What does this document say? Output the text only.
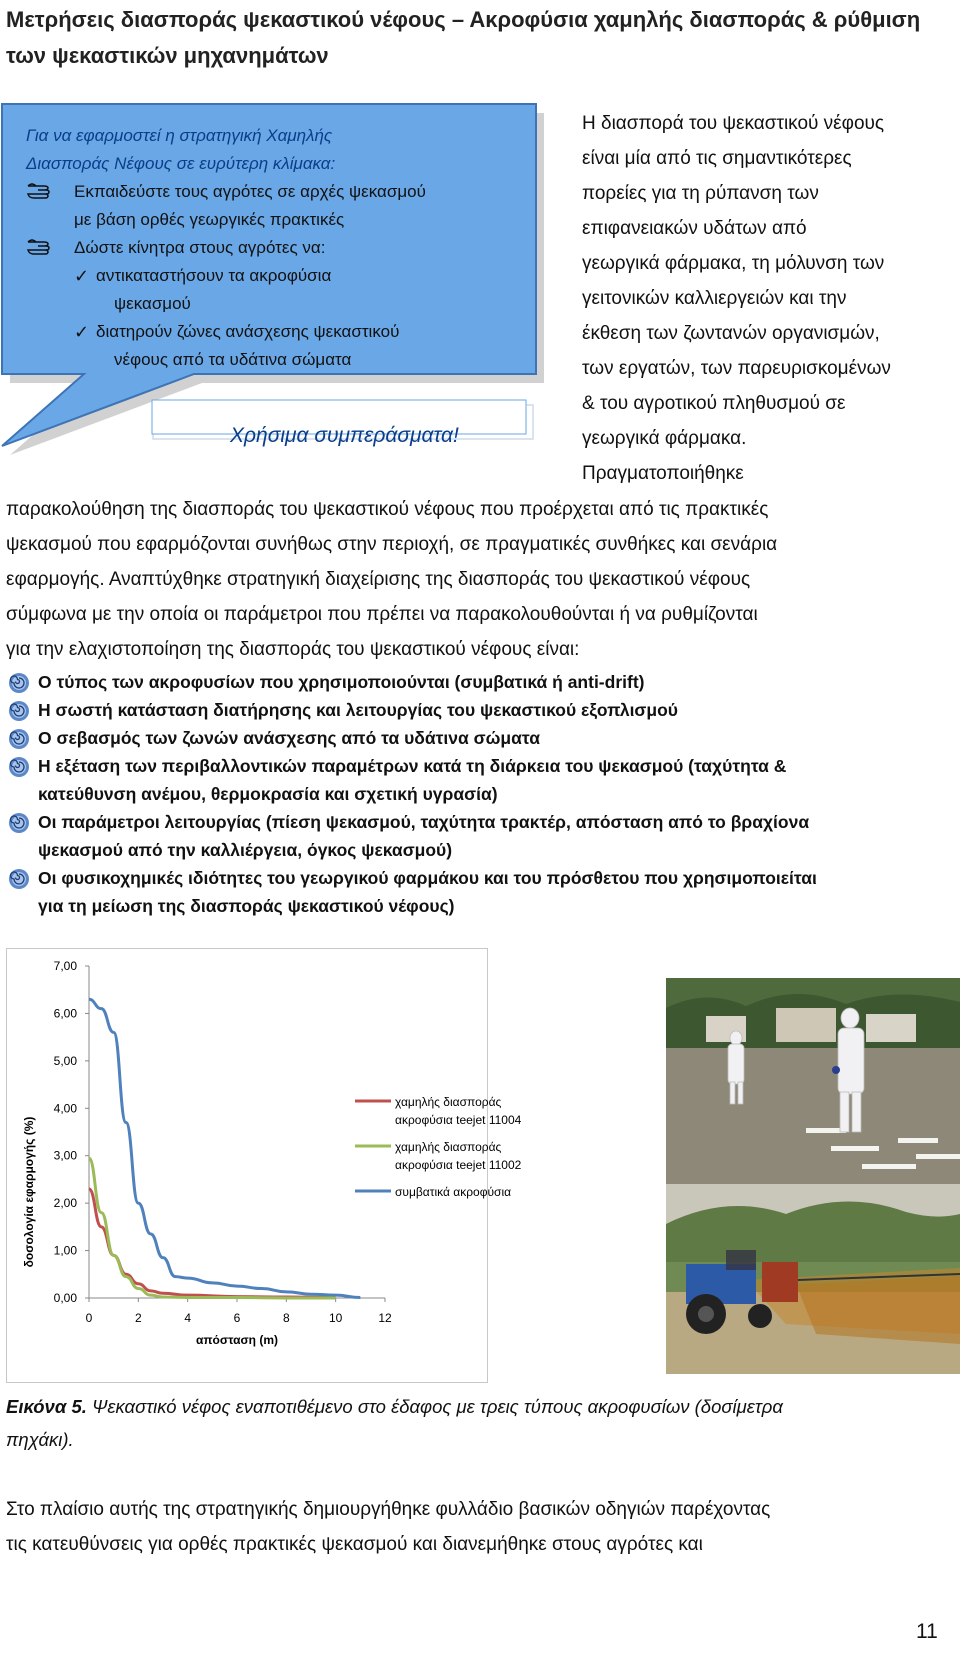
Μετρήσεις διασποράς ψεκαστικού νέφους – Ακροφύσια χαμηλής διασποράς & ρύθμιση των ψεκαστικών μηχανημάτων
Για να εφαρμοστεί η στρατηγική Χαμηλής
Διασποράς Νέφους σε ευρύτερη κλίμακα:
Εκπαιδεύστε τους αγρότες σε αρχές ψεκασμού
με βάση ορθές γεωργικές πρακτικές
Δώστε κίνητρα στους αγρότες να:
✓ αντικαταστήσουν τα ακροφύσια
ψεκασμού
✓ διατηρούν ζώνες ανάσχεσης ψεκαστικού
νέφους από τα υδάτινα σώματα
Χρήσιμα συμπεράσματα!
Η διασπορά του ψεκαστικού νέφους
είναι μία από τις σημαντικότερες
πορείες για τη ρύπανση των
επιφανειακών υδάτων από
γεωργικά φάρμακα, τη μόλυνση των
γειτονικών καλλιεργειών και την
έκθεση των ζωντανών οργανισμών,
των εργατών, των παρευρισκομένων
& του αγροτικού πληθυσμού σε
γεωργικά φάρμακα.
Πραγματοποιήθηκε
παρακολούθηση της διασποράς του ψεκαστικού νέφους που προέρχεται από τις πρακτικές
ψεκασμού που εφαρμόζονται συνήθως στην περιοχή, σε πραγματικές συνθήκες και σενάρια
εφαρμογής. Αναπτύχθηκε στρατηγική διαχείρισης της διασποράς του ψεκαστικού νέφους
σύμφωνα με την οποία οι παράμετροι που πρέπει να παρακολουθούνται ή να ρυθμίζονται
για την ελαχιστοποίηση της διασποράς του ψεκαστικού νέφους είναι:
Ο τύπος των ακροφυσίων που χρησιμοποιούνται (συμβατικά ή anti-drift)
Η σωστή κατάσταση διατήρησης και λειτουργίας του ψεκαστικού εξοπλισμού
Ο σεβασμός των ζωνών ανάσχεσης από τα υδάτινα σώματα
Η εξέταση των περιβαλλοντικών παραμέτρων κατά τη διάρκεια του ψεκασμού (ταχύτητα &
κατεύθυνση ανέμου, θερμοκρασία και σχετική υγρασία)
Οι παράμετροι λειτουργίας (πίεση ψεκασμού, ταχύτητα τρακτέρ, απόσταση από το βραχίονα
ψεκασμού από την καλλιέργεια, όγκος ψεκασμού)
Οι φυσικοχημικές ιδιότητες του γεωργικού φαρμάκου και του πρόσθετου που χρησιμοποιείται
για τη μείωση της διασποράς ψεκαστικού νέφους)
0,00
1,00
2,00
3,00
4,00
5,00
6,00
7,00
0	2	4	6	8	10	12
απόσταση (m)
δοσολογία εφαρμογής (%)
χαμηλής διασποράς
ακροφύσια teejet 11004
χαμηλής διασποράς
ακροφύσια teejet 11002
συμβατικά ακροφύσια
Εικόνα 5. Ψεκαστικό νέφος εναποτιθέμενο στο έδαφος με τρεις τύπους ακροφυσίων (δοσίμετρα
πηχάκι).
Στο πλαίσιο αυτής της στρατηγικής δημιουργήθηκε φυλλάδιο βασικών οδηγιών παρέχοντας
τις κατευθύνσεις για ορθές πρακτικές ψεκασμού και διανεμήθηκε στους αγρότες και
11
